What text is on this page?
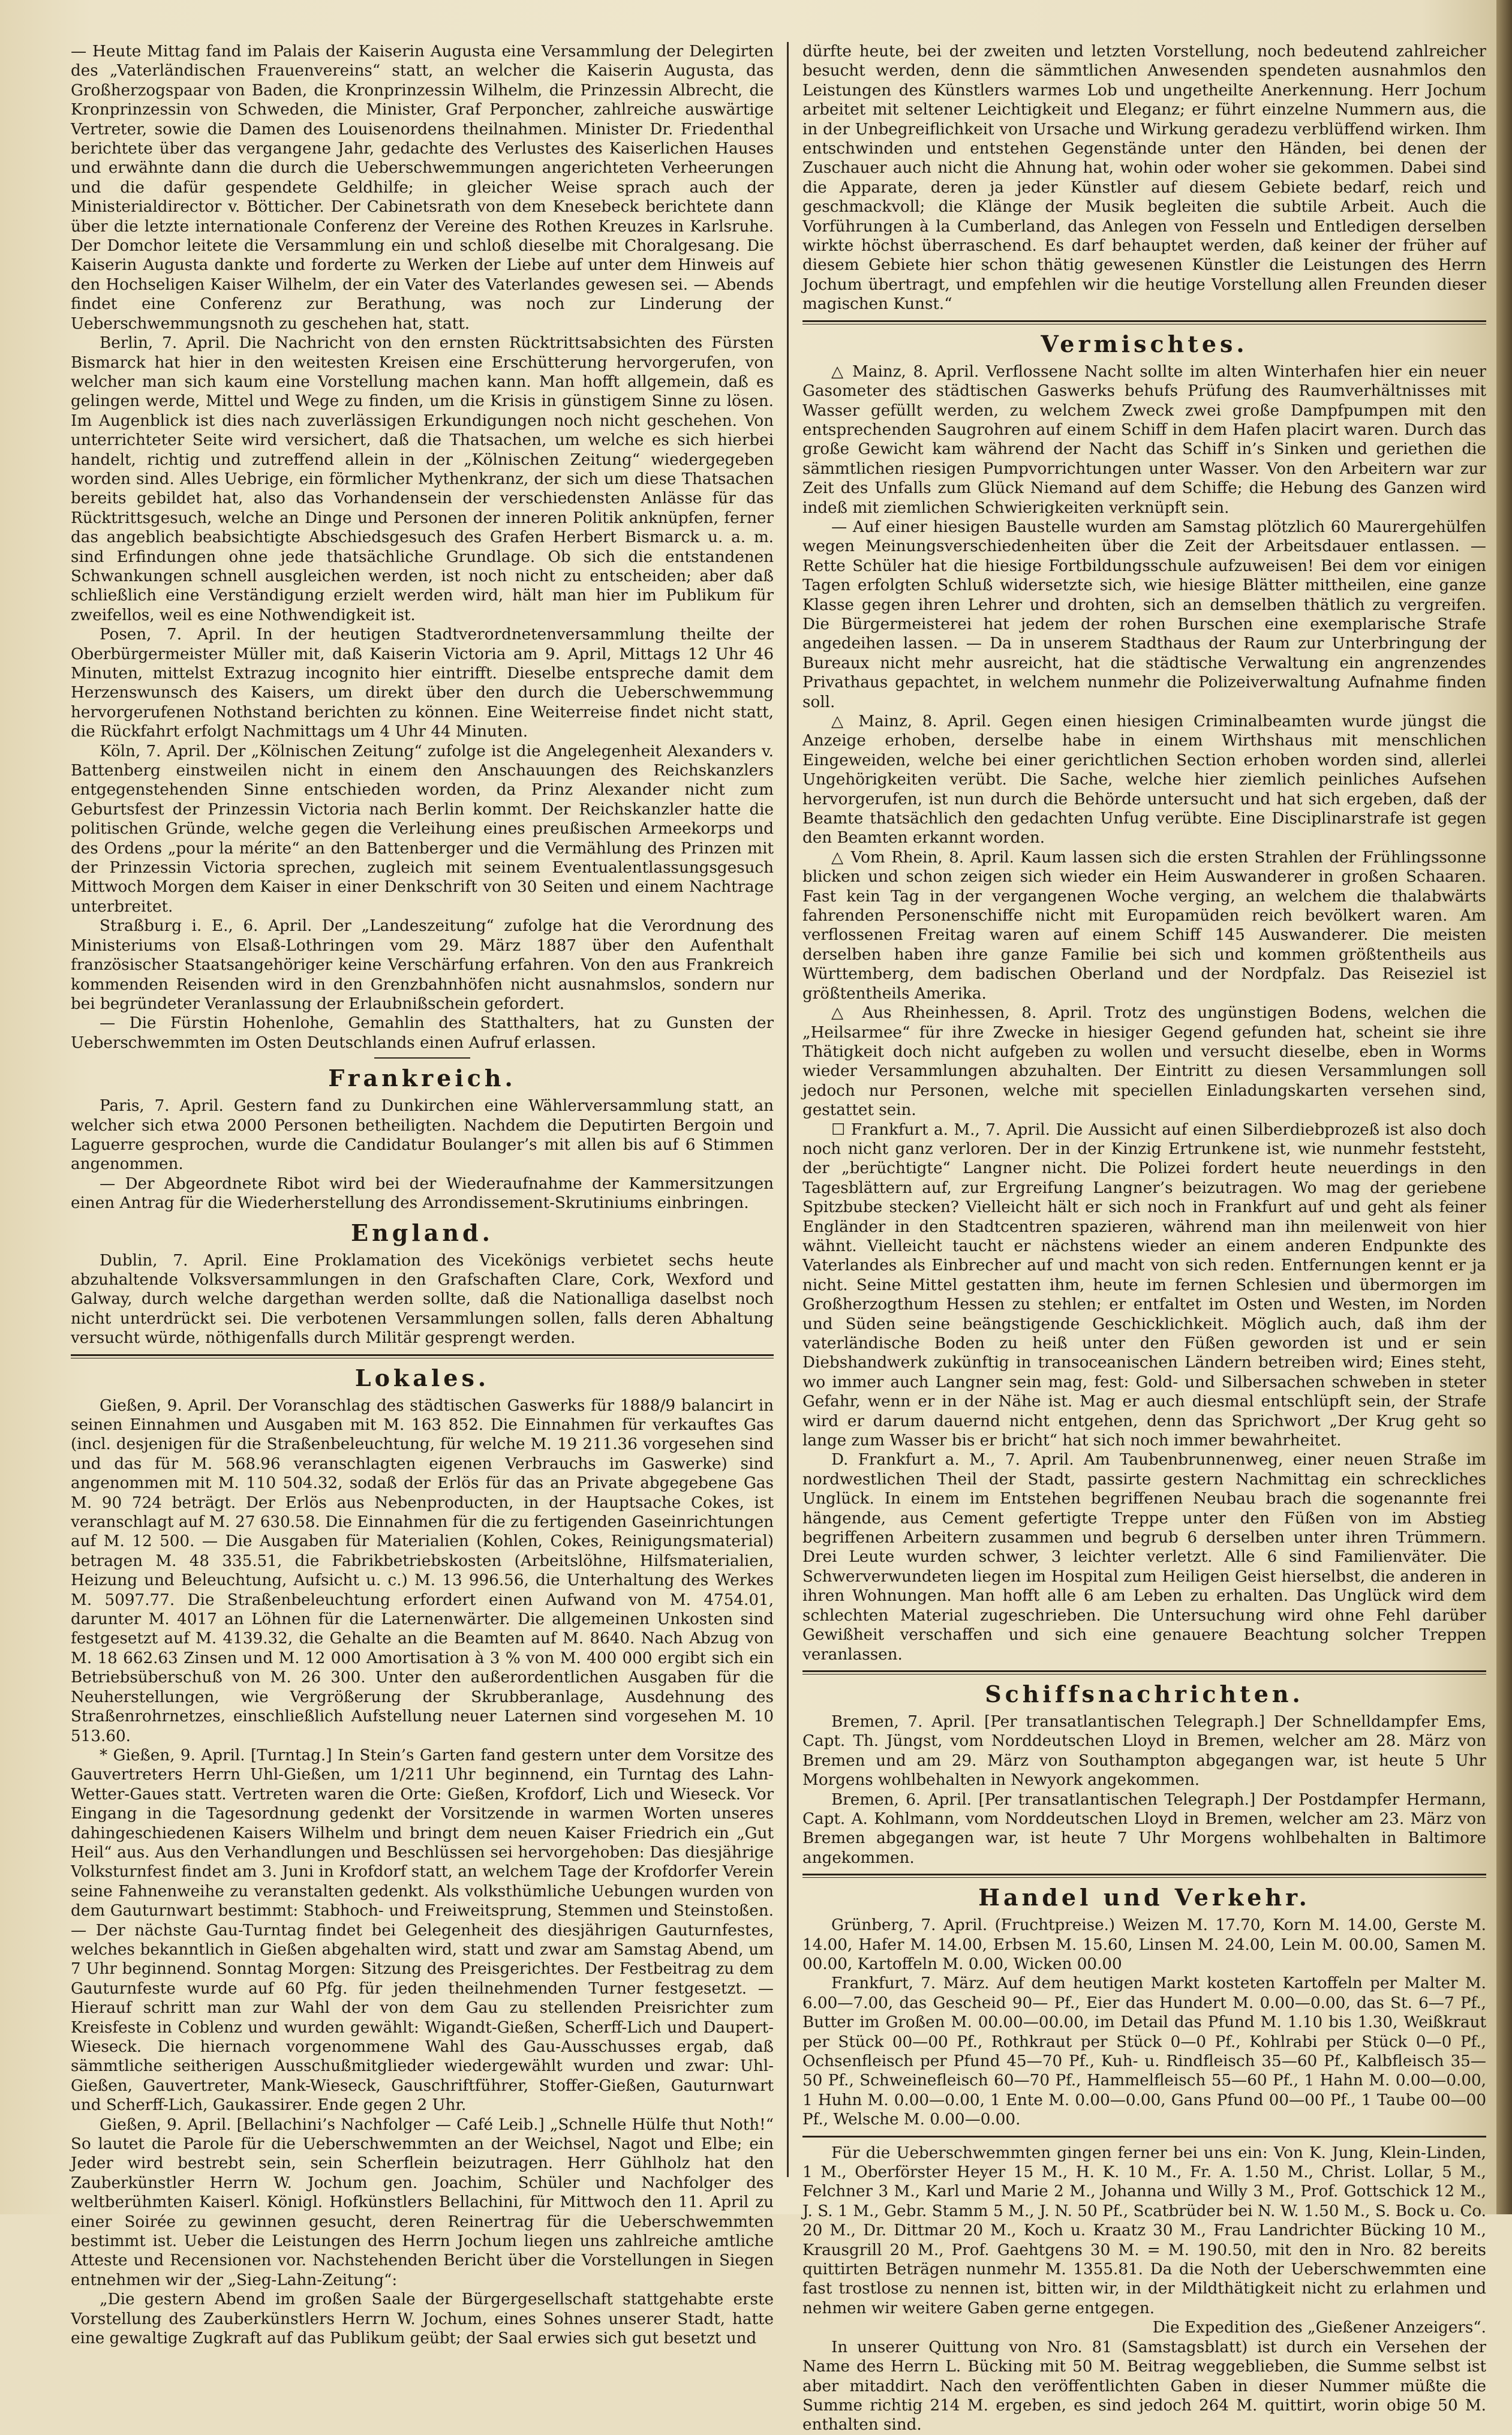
— Heute Mittag fand im Palais der Kaiserin Augusta eine Versammlung der Delegirten des „Vaterländischen Frauenvereins“ statt, an welcher die Kaiserin Augusta, das Großherzogspaar von Baden, die Kronprinzessin Wilhelm, die Prinzessin Albrecht, die Kronprinzessin von Schweden, die Minister, Graf Perponcher, zahlreiche auswärtige Vertreter, sowie die Damen des Louisenordens theilnahmen. Minister Dr. Friedenthal berichtete über das vergangene Jahr, gedachte des Verlustes des Kaiserlichen Hauses und erwähnte dann die durch die Ueberschwemmungen angerichteten Verheerungen und die dafür gespendete Geldhilfe; in gleicher Weise sprach auch der Ministerialdirector v. Bötticher. Der Cabinetsrath von dem Knesebeck berichtete dann über die letzte internationale Conferenz der Vereine des Rothen Kreuzes in Karlsruhe. Der Domchor leitete die Versammlung ein und schloß dieselbe mit Choralgesang. Die Kaiserin Augusta dankte und forderte zu Werken der Liebe auf unter dem Hinweis auf den Hochseligen Kaiser Wilhelm, der ein Vater des Vaterlandes gewesen sei. — Abends findet eine Conferenz zur Berathung, was noch zur Linderung der Ueberschwemmungsnoth zu geschehen hat, statt.

Berlin, 7. April. Die Nachricht von den ernsten Rücktrittsabsichten des Fürsten Bismarck hat hier in den weitesten Kreisen eine Erschütterung hervorgerufen, von welcher man sich kaum eine Vorstellung machen kann. Man hofft allgemein, daß es gelingen werde, Mittel und Wege zu finden, um die Krisis in günstigem Sinne zu lösen. Im Augenblick ist dies nach zuverlässigen Erkundigungen noch nicht geschehen. Von unterrichteter Seite wird versichert, daß die Thatsachen, um welche es sich hierbei handelt, richtig und zutreffend allein in der „Kölnischen Zeitung“ wiedergegeben worden sind. Alles Uebrige, ein förmlicher Mythenkranz, der sich um diese Thatsachen bereits gebildet hat, also das Vorhandensein der verschiedensten Anlässe für das Rücktrittsgesuch, welche an Dinge und Personen der inneren Politik anknüpfen, ferner das angeblich beabsichtigte Abschiedsgesuch des Grafen Herbert Bismarck u. a. m. sind Erfindungen ohne jede thatsächliche Grundlage. Ob sich die entstandenen Schwankungen schnell ausgleichen werden, ist noch nicht zu entscheiden; aber daß schließlich eine Verständigung erzielt werden wird, hält man hier im Publikum für zweifellos, weil es eine Nothwendigkeit ist.

Posen, 7. April. In der heutigen Stadtverordnetenversammlung theilte der Oberbürgermeister Müller mit, daß Kaiserin Victoria am 9. April, Mittags 12 Uhr 46 Minuten, mittelst Extrazug incognito hier eintrifft. Dieselbe entspreche damit dem Herzenswunsch des Kaisers, um direkt über den durch die Ueberschwemmung hervorgerufenen Nothstand berichten zu können. Eine Weiterreise findet nicht statt, die Rückfahrt erfolgt Nachmittags um 4 Uhr 44 Minuten.

Köln, 7. April. Der „Kölnischen Zeitung“ zufolge ist die Angelegenheit Alexanders v. Battenberg einstweilen nicht in einem den Anschauungen des Reichskanzlers entgegenstehenden Sinne entschieden worden, da Prinz Alexander nicht zum Geburtsfest der Prinzessin Victoria nach Berlin kommt. Der Reichskanzler hatte die politischen Gründe, welche gegen die Verleihung eines preußischen Armeekorps und des Ordens „pour la mérite“ an den Battenberger und die Vermählung des Prinzen mit der Prinzessin Victoria sprechen, zugleich mit seinem Eventualentlassungsgesuch Mittwoch Morgen dem Kaiser in einer Denkschrift von 30 Seiten und einem Nachtrage unterbreitet.

Straßburg i. E., 6. April. Der „Landeszeitung“ zufolge hat die Verordnung des Ministeriums von Elsaß-Lothringen vom 29. März 1887 über den Aufenthalt französischer Staatsangehöriger keine Verschärfung erfahren. Von den aus Frankreich kommenden Reisenden wird in den Grenzbahnhöfen nicht ausnahmslos, sondern nur bei begründeter Veranlassung der Erlaubnißschein gefordert.

— Die Fürstin Hohenlohe, Gemahlin des Statthalters, hat zu Gunsten der Ueberschwemmten im Osten Deutschlands einen Aufruf erlassen.

Frankreich.

Paris, 7. April. Gestern fand zu Dunkirchen eine Wählerversammlung statt, an welcher sich etwa 2000 Personen betheiligten. Nachdem die Deputirten Bergoin und Laguerre gesprochen, wurde die Candidatur Boulanger’s mit allen bis auf 6 Stimmen angenommen.

— Der Abgeordnete Ribot wird bei der Wiederaufnahme der Kammersitzungen einen Antrag für die Wiederherstellung des Arrondissement-Skrutiniums einbringen.

England.

Dublin, 7. April. Eine Proklamation des Vicekönigs verbietet sechs heute abzuhaltende Volksversammlungen in den Grafschaften Clare, Cork, Wexford und Galway, durch welche dargethan werden sollte, daß die Nationalliga daselbst noch nicht unterdrückt sei. Die verbotenen Versammlungen sollen, falls deren Abhaltung versucht würde, nöthigenfalls durch Militär gesprengt werden.

Lokales.

Gießen, 9. April. Der Voranschlag des städtischen Gaswerks für 1888/9 balancirt in seinen Einnahmen und Ausgaben mit M. 163 852. Die Einnahmen für verkauftes Gas (incl. desjenigen für die Straßenbeleuchtung, für welche M. 19 211.36 vorgesehen sind und das für M. 568.96 veranschlagten eigenen Verbrauchs im Gaswerke) sind angenommen mit M. 110 504.32, sodaß der Erlös für das an Private abgegebene Gas M. 90 724 beträgt. Der Erlös aus Nebenproducten, in der Hauptsache Cokes, ist veranschlagt auf M. 27 630.58. Die Einnahmen für die zu fertigenden Gaseinrichtungen auf M. 12 500. — Die Ausgaben für Materialien (Kohlen, Cokes, Reinigungsmaterial) betragen M. 48 335.51, die Fabrikbetriebskosten (Arbeitslöhne, Hilfsmaterialien, Heizung und Beleuchtung, Aufsicht u. c.) M. 13 996.56, die Unterhaltung des Werkes M. 5097.77. Die Straßenbeleuchtung erfordert einen Aufwand von M. 4754.01, darunter M. 4017 an Löhnen für die Laternenwärter. Die allgemeinen Unkosten sind festgesetzt auf M. 4139.32, die Gehalte an die Beamten auf M. 8640. Nach Abzug von M. 18 662.63 Zinsen und M. 12 000 Amortisation à 3 % von M. 400 000 ergibt sich ein Betriebsüberschuß von M. 26 300. Unter den außerordentlichen Ausgaben für die Neuherstellungen, wie Vergrößerung der Skrubberanlage, Ausdehnung des Straßenrohrnetzes, einschließlich Aufstellung neuer Laternen sind vorgesehen M. 10 513.60.

* Gießen, 9. April. [Turntag.] In Stein’s Garten fand gestern unter dem Vorsitze des Gauvertreters Herrn Uhl-Gießen, um 1/211 Uhr beginnend, ein Turntag des Lahn-Wetter-Gaues statt. Vertreten waren die Orte: Gießen, Krofdorf, Lich und Wieseck. Vor Eingang in die Tagesordnung gedenkt der Vorsitzende in warmen Worten unseres dahingeschiedenen Kaisers Wilhelm und bringt dem neuen Kaiser Friedrich ein „Gut Heil“ aus. Aus den Verhandlungen und Beschlüssen sei hervorgehoben: Das diesjährige Volksturnfest findet am 3. Juni in Krofdorf statt, an welchem Tage der Krofdorfer Verein seine Fahnenweihe zu veranstalten gedenkt. Als volksthümliche Uebungen wurden von dem Gauturnwart bestimmt: Stabhoch- und Freiweitsprung, Stemmen und Steinstoßen. — Der nächste Gau-Turntag findet bei Gelegenheit des diesjährigen Gauturnfestes, welches bekanntlich in Gießen abgehalten wird, statt und zwar am Samstag Abend, um 7 Uhr beginnend. Sonntag Morgen: Sitzung des Preisgerichtes. Der Festbeitrag zu dem Gauturnfeste wurde auf 60 Pfg. für jeden theilnehmenden Turner festgesetzt. — Hierauf schritt man zur Wahl der von dem Gau zu stellenden Preisrichter zum Kreisfeste in Coblenz und wurden gewählt: Wigandt-Gießen, Scherff-Lich und Daupert-Wieseck. Die hiernach vorgenommene Wahl des Gau-Ausschusses ergab, daß sämmtliche seitherigen Ausschußmitglieder wiedergewählt wurden und zwar: Uhl-Gießen, Gauvertreter, Mank-Wieseck, Gauschriftführer, Stoffer-Gießen, Gauturnwart und Scherff-Lich, Gaukassirer. Ende gegen 2 Uhr.

Gießen, 9. April. [Bellachini’s Nachfolger — Café Leib.] „Schnelle Hülfe thut Noth!“ So lautet die Parole für die Ueberschwemmten an der Weichsel, Nagot und Elbe; ein Jeder wird bestrebt sein, sein Scherflein beizutragen. Herr Gühlholz hat den Zauberkünstler Herrn W. Jochum gen. Joachim, Schüler und Nachfolger des weltberühmten Kaiserl. Königl. Hofkünstlers Bellachini, für Mittwoch den 11. April zu einer Soirée zu gewinnen gesucht, deren Reinertrag für die Ueberschwemmten bestimmt ist. Ueber die Leistungen des Herrn Jochum liegen uns zahlreiche amtliche Atteste und Recensionen vor. Nachstehenden Bericht über die Vorstellungen in Siegen entnehmen wir der „Sieg-Lahn-Zeitung“:

„Die gestern Abend im großen Saale der Bürgergesellschaft stattgehabte erste Vorstellung des Zauberkünstlers Herrn W. Jochum, eines Sohnes unserer Stadt, hatte eine gewaltige Zugkraft auf das Publikum geübt; der Saal erwies sich gut besetzt und

dürfte heute, bei der zweiten und letzten Vorstellung, noch bedeutend zahlreicher besucht werden, denn die sämmtlichen Anwesenden spendeten ausnahmlos den Leistungen des Künstlers warmes Lob und ungetheilte Anerkennung. Herr Jochum arbeitet mit seltener Leichtigkeit und Eleganz; er führt einzelne Nummern aus, die in der Unbegreiflichkeit von Ursache und Wirkung geradezu verblüffend wirken. Ihm entschwinden und entstehen Gegenstände unter den Händen, bei denen der Zuschauer auch nicht die Ahnung hat, wohin oder woher sie gekommen. Dabei sind die Apparate, deren ja jeder Künstler auf diesem Gebiete bedarf, reich und geschmackvoll; die Klänge der Musik begleiten die subtile Arbeit. Auch die Vorführungen à la Cumberland, das Anlegen von Fesseln und Entledigen derselben wirkte höchst überraschend. Es darf behauptet werden, daß keiner der früher auf diesem Gebiete hier schon thätig gewesenen Künstler die Leistungen des Herrn Jochum übertragt, und empfehlen wir die heutige Vorstellung allen Freunden dieser magischen Kunst.“

Vermischtes.

△ Mainz, 8. April. Verflossene Nacht sollte im alten Winterhafen hier ein neuer Gasometer des städtischen Gaswerks behufs Prüfung des Raumverhältnisses mit Wasser gefüllt werden, zu welchem Zweck zwei große Dampfpumpen mit den entsprechenden Saugrohren auf einem Schiff in dem Hafen placirt waren. Durch das große Gewicht kam während der Nacht das Schiff in’s Sinken und geriethen die sämmtlichen riesigen Pumpvorrichtungen unter Wasser. Von den Arbeitern war zur Zeit des Unfalls zum Glück Niemand auf dem Schiffe; die Hebung des Ganzen wird indeß mit ziemlichen Schwierigkeiten verknüpft sein.

— Auf einer hiesigen Baustelle wurden am Samstag plötzlich 60 Maurergehülfen wegen Meinungsverschiedenheiten über die Zeit der Arbeitsdauer entlassen. — Rette Schüler hat die hiesige Fortbildungsschule aufzuweisen! Bei dem vor einigen Tagen erfolgten Schluß widersetzte sich, wie hiesige Blätter mittheilen, eine ganze Klasse gegen ihren Lehrer und drohten, sich an demselben thätlich zu vergreifen. Die Bürgermeisterei hat jedem der rohen Burschen eine exemplarische Strafe angedeihen lassen. — Da in unserem Stadthaus der Raum zur Unterbringung der Bureaux nicht mehr ausreicht, hat die städtische Verwaltung ein angrenzendes Privathaus gepachtet, in welchem nunmehr die Polizeiverwaltung Aufnahme finden soll.

△ Mainz, 8. April. Gegen einen hiesigen Criminalbeamten wurde jüngst die Anzeige erhoben, derselbe habe in einem Wirthshaus mit menschlichen Eingeweiden, welche bei einer gerichtlichen Section erhoben worden sind, allerlei Ungehörigkeiten verübt. Die Sache, welche hier ziemlich peinliches Aufsehen hervorgerufen, ist nun durch die Behörde untersucht und hat sich ergeben, daß der Beamte thatsächlich den gedachten Unfug verübte. Eine Disciplinarstrafe ist gegen den Beamten erkannt worden.

△ Vom Rhein, 8. April. Kaum lassen sich die ersten Strahlen der Frühlingssonne blicken und schon zeigen sich wieder ein Heim Auswanderer in großen Schaaren. Fast kein Tag in der vergangenen Woche verging, an welchem die thalabwärts fahrenden Personenschiffe nicht mit Europamüden reich bevölkert waren. Am verflossenen Freitag waren auf einem Schiff 145 Auswanderer. Die meisten derselben haben ihre ganze Familie bei sich und kommen größtentheils aus Württemberg, dem badischen Oberland und der Nordpfalz. Das Reiseziel ist größtentheils Amerika.

△ Aus Rheinhessen, 8. April. Trotz des ungünstigen Bodens, welchen die „Heilsarmee“ für ihre Zwecke in hiesiger Gegend gefunden hat, scheint sie ihre Thätigkeit doch nicht aufgeben zu wollen und versucht dieselbe, eben in Worms wieder Versammlungen abzuhalten. Der Eintritt zu diesen Versammlungen soll jedoch nur Personen, welche mit speciellen Einladungskarten versehen sind, gestattet sein.

☐ Frankfurt a. M., 7. April. Die Aussicht auf einen Silberdiebprozeß ist also doch noch nicht ganz verloren. Der in der Kinzig Ertrunkene ist, wie nunmehr feststeht, der „berüchtigte“ Langner nicht. Die Polizei fordert heute neuerdings in den Tagesblättern auf, zur Ergreifung Langner’s beizutragen. Wo mag der geriebene Spitzbube stecken? Vielleicht hält er sich noch in Frankfurt auf und geht als feiner Engländer in den Stadtcentren spazieren, während man ihn meilenweit von hier wähnt. Vielleicht taucht er nächstens wieder an einem anderen Endpunkte des Vaterlandes als Einbrecher auf und macht von sich reden. Entfernungen kennt er ja nicht. Seine Mittel gestatten ihm, heute im fernen Schlesien und übermorgen im Großherzogthum Hessen zu stehlen; er entfaltet im Osten und Westen, im Norden und Süden seine beängstigende Geschicklichkeit. Möglich auch, daß ihm der vaterländische Boden zu heiß unter den Füßen geworden ist und er sein Diebshandwerk zukünftig in transoceanischen Ländern betreiben wird; Eines steht, wo immer auch Langner sein mag, fest: Gold- und Silbersachen schweben in steter Gefahr, wenn er in der Nähe ist. Mag er auch diesmal entschlüpft sein, der Strafe wird er darum dauernd nicht entgehen, denn das Sprichwort „Der Krug geht so lange zum Wasser bis er bricht“ hat sich noch immer bewahrheitet.

D. Frankfurt a. M., 7. April. Am Taubenbrunnenweg, einer neuen Straße im nordwestlichen Theil der Stadt, passirte gestern Nachmittag ein schreckliches Unglück. In einem im Entstehen begriffenen Neubau brach die sogenannte frei hängende, aus Cement gefertigte Treppe unter den Füßen von im Abstieg begriffenen Arbeitern zusammen und begrub 6 derselben unter ihren Trümmern. Drei Leute wurden schwer, 3 leichter verletzt. Alle 6 sind Familienväter. Die Schwerverwundeten liegen im Hospital zum Heiligen Geist hierselbst, die anderen in ihren Wohnungen. Man hofft alle 6 am Leben zu erhalten. Das Unglück wird dem schlechten Material zugeschrieben. Die Untersuchung wird ohne Fehl darüber Gewißheit verschaffen und sich eine genauere Beachtung solcher Treppen veranlassen.

Schiffsnachrichten.

Bremen, 7. April. [Per transatlantischen Telegraph.] Der Schnelldampfer Ems, Capt. Th. Jüngst, vom Norddeutschen Lloyd in Bremen, welcher am 28. März von Bremen und am 29. März von Southampton abgegangen war, ist heute 5 Uhr Morgens wohlbehalten in Newyork angekommen.

Bremen, 6. April. [Per transatlantischen Telegraph.] Der Postdampfer Hermann, Capt. A. Kohlmann, vom Norddeutschen Lloyd in Bremen, welcher am 23. März von Bremen abgegangen war, ist heute 7 Uhr Morgens wohlbehalten in Baltimore angekommen.

Handel und Verkehr.

Grünberg, 7. April. (Fruchtpreise.) Weizen M. 17.70, Korn M. 14.00, Gerste M. 14.00, Hafer M. 14.00, Erbsen M. 15.60, Linsen M. 24.00, Lein M. 00.00, Samen M. 00.00, Kartoffeln M. 0.00, Wicken 00.00

Frankfurt, 7. März. Auf dem heutigen Markt kosteten Kartoffeln per Malter M. 6.00—7.00, das Gescheid 90— Pf., Eier das Hundert M. 0.00—0.00, das St. 6—7 Pf., Butter im Großen M. 00.00—00.00, im Detail das Pfund M. 1.10 bis 1.30, Weißkraut per Stück 00—00 Pf., Rothkraut per Stück 0—0 Pf., Kohlrabi per Stück 0—0 Pf., Ochsenfleisch per Pfund 45—70 Pf., Kuh- u. Rindfleisch 35—60 Pf., Kalbfleisch 35—50 Pf., Schweinefleisch 60—70 Pf., Hammelfleisch 55—60 Pf., 1 Hahn M. 0.00—0.00, 1 Huhn M. 0.00—0.00, 1 Ente M. 0.00—0.00, Gans Pfund 00—00 Pf., 1 Taube 00—00 Pf., Welsche M. 0.00—0.00.

Für die Ueberschwemmten gingen ferner bei uns ein: Von K. Jung, Klein-Linden, 1 M., Oberförster Heyer 15 M., H. K. 10 M., Fr. A. 1.50 M., Christ. Lollar, 5 M., Felchner 3 M., Karl und Marie 2 M., Johanna und Willy 3 M., Prof. Gottschick 12 M., J. S. 1 M., Gebr. Stamm 5 M., J. N. 50 Pf., Scatbrüder bei N. W. 1.50 M., S. Bock u. Co. 20 M., Dr. Dittmar 20 M., Koch u. Kraatz 30 M., Frau Landrichter Bücking 10 M., Krausgrill 20 M., Prof. Gaehtgens 30 M. = M. 190.50, mit den in Nro. 82 bereits quittirten Beträgen nunmehr M. 1355.81. Da die Noth der Ueberschwemmten eine fast trostlose zu nennen ist, bitten wir, in der Mildthätigkeit nicht zu erlahmen und nehmen wir weitere Gaben gerne entgegen.

Die Expedition des „Gießener Anzeigers“.

In unserer Quittung von Nro. 81 (Samstagsblatt) ist durch ein Versehen der Name des Herrn L. Bücking mit 50 M. Beitrag weggeblieben, die Summe selbst ist aber mitaddirt. Nach den veröffentlichten Gaben in dieser Nummer müßte die Summe richtig 214 M. ergeben, es sind jedoch 264 M. quittirt, worin obige 50 M. enthalten sind.
